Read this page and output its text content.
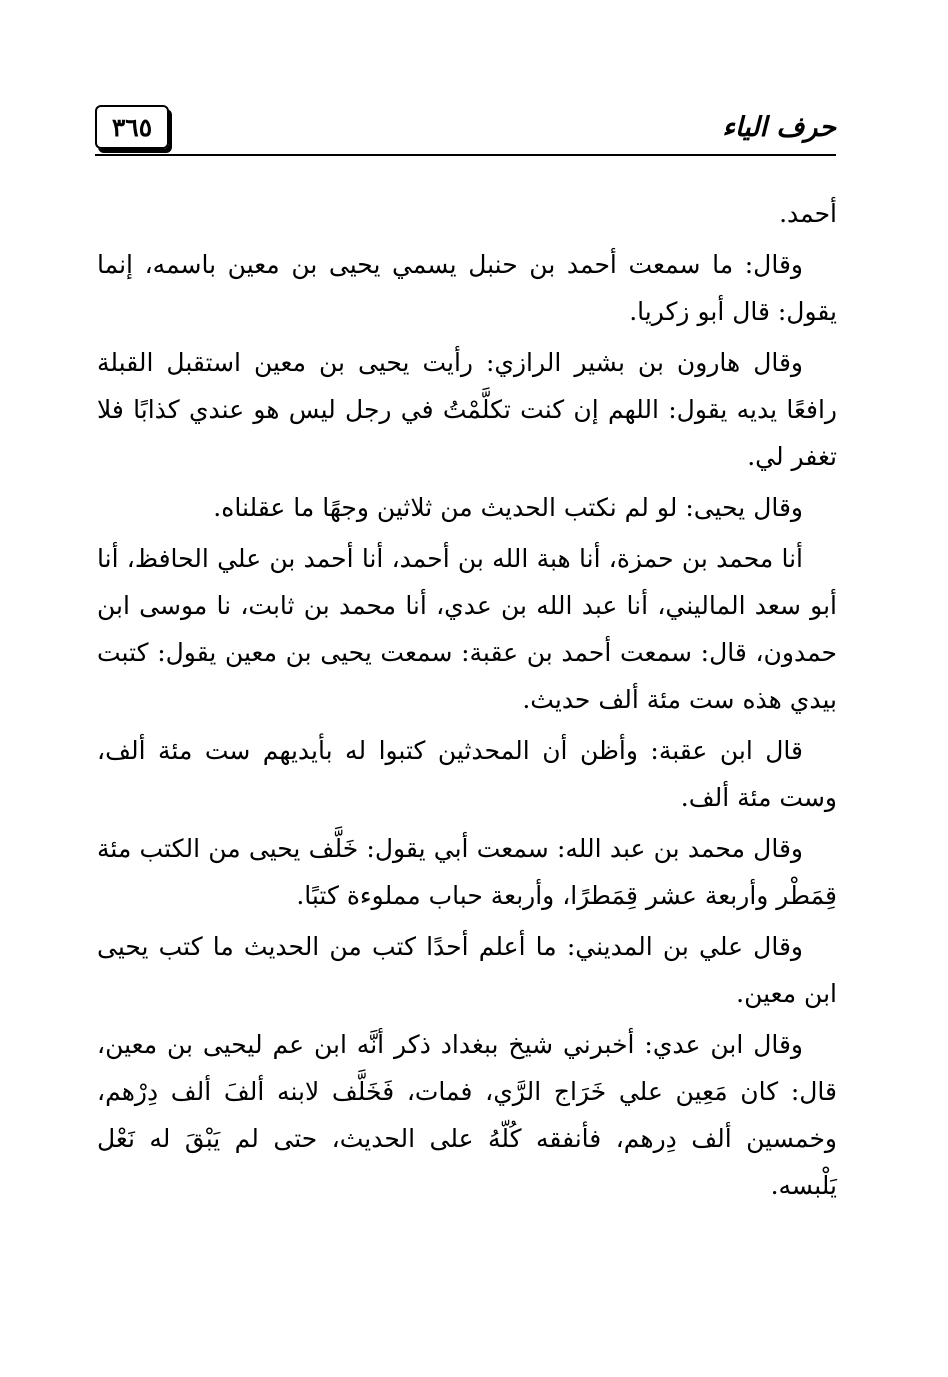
٣٦٥	حرف الياء

أحمد.

وقال: ما سمعت أحمد بن حنبل يسمي يحيى بن معين باسمه، إنما يقول: قال أبو زكريا.

وقال هارون بن بشير الرازي: رأيت يحيى بن معين استقبل القبلة رافعًا يديه يقول: اللهم إن كنت تكلَّمْتُ في رجل ليس هو عندي كذابًا فلا تغفر لي.

وقال يحيى: لو لم نكتب الحديث من ثلاثين وجهًا ما عقلناه.

أنا محمد بن حمزة، أنا هبة الله بن أحمد، أنا أحمد بن علي الحافظ، أنا أبو سعد الماليني، أنا عبد الله بن عدي، أنا محمد بن ثابت، نا موسى ابن حمدون، قال: سمعت أحمد بن عقبة: سمعت يحيى بن معين يقول: كتبت بيدي هذه ست مئة ألف حديث.

قال ابن عقبة: وأظن أن المحدثين كتبوا له بأيديهم ست مئة ألف، وست مئة ألف.

وقال محمد بن عبد الله: سمعت أبي يقول: خَلَّف يحيى من الكتب مئة قِمَطْر وأربعة عشر قِمَطرًا، وأربعة حباب مملوءة كتبًا.

وقال علي بن المديني: ما أعلم أحدًا كتب من الحديث ما كتب يحيى ابن معين.

وقال ابن عدي: أخبرني شيخ ببغداد ذكر أنَّه ابن عم ليحيى بن معين، قال: كان مَعِين علي خَرَاج الرَّي، فمات، فَخَلَّف لابنه ألفَ ألف دِرْهم، وخمسين ألف دِرهم، فأنفقه كُلّهُ على الحديث، حتى لم يَبْقَ له نَعْل يَلْبسه.
